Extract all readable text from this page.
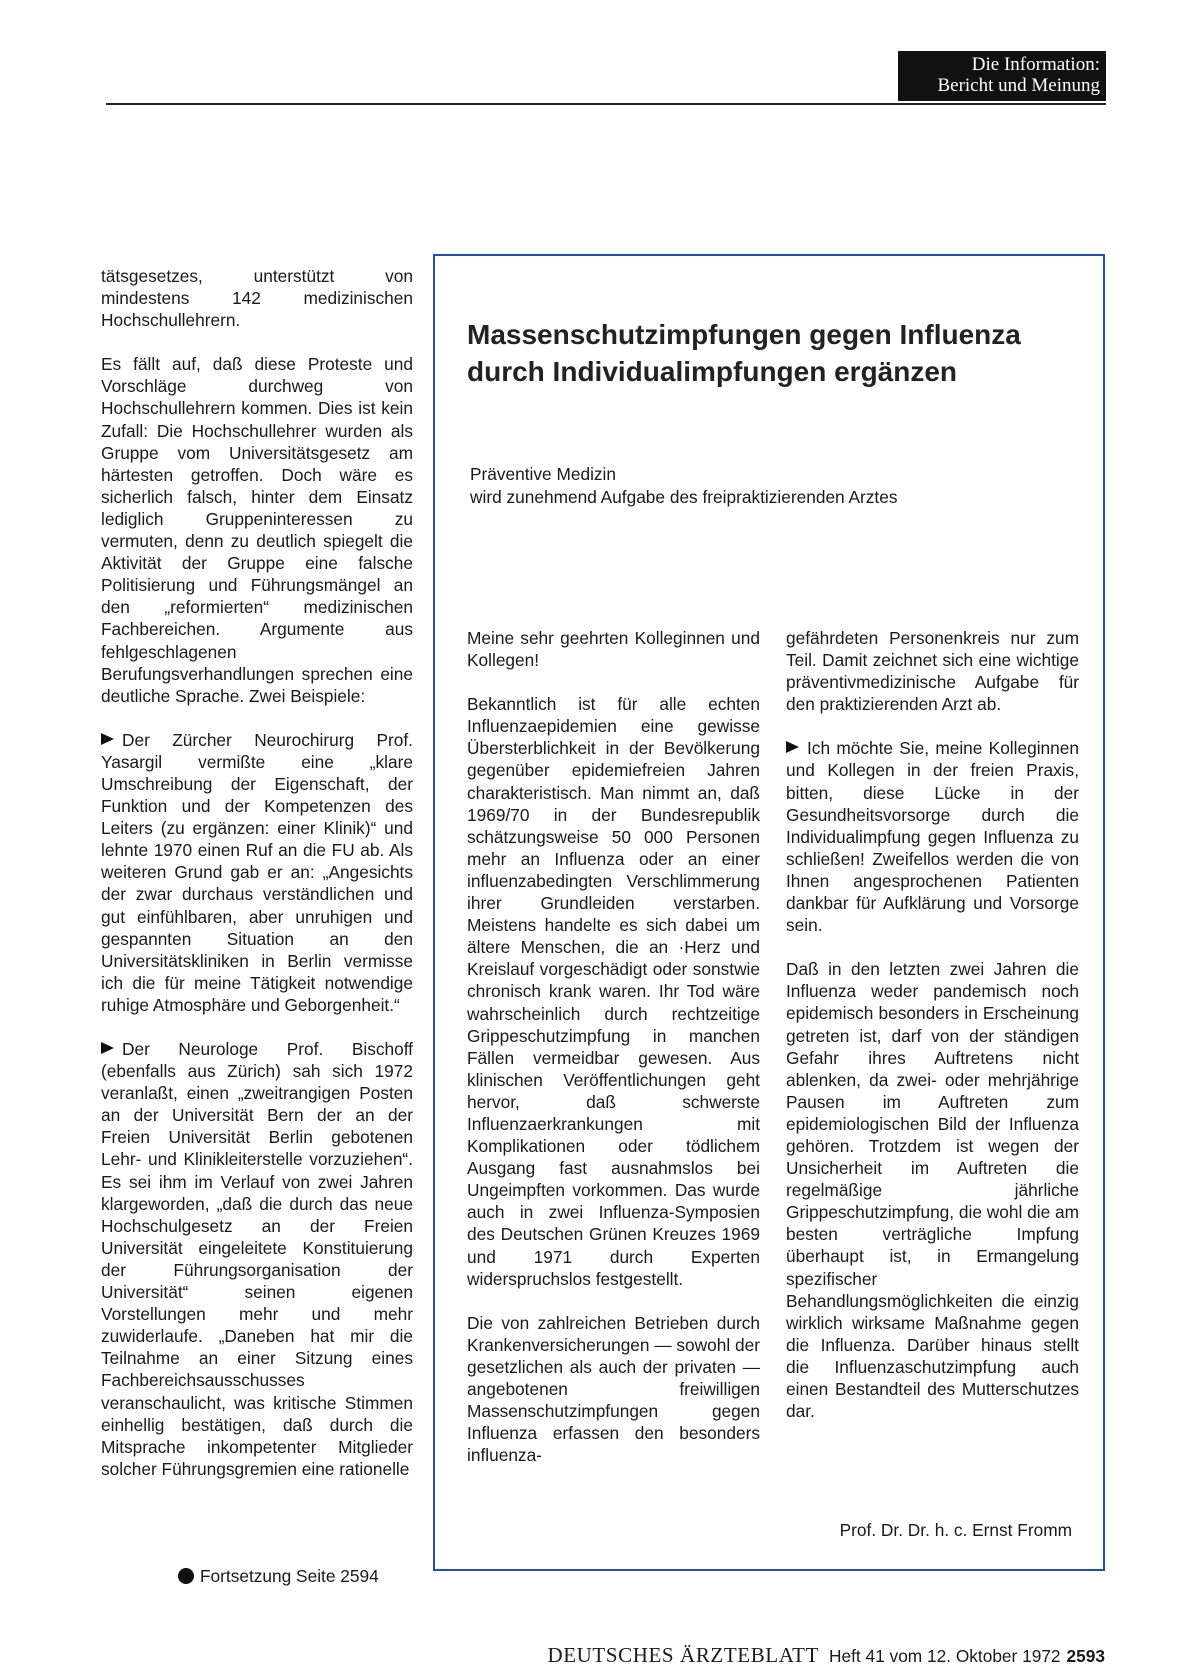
Die Information:
Bericht und Meinung

tätsgesetzes, unterstützt von mindestens 142 medizinischen Hochschullehrern.

Es fällt auf, daß diese Proteste und Vorschläge durchweg von Hochschullehrern kommen. Dies ist kein Zufall: Die Hochschullehrer wurden als Gruppe vom Universitätsgesetz am härtesten getroffen. Doch wäre es sicherlich falsch, hinter dem Einsatz lediglich Gruppeninteressen zu vermuten, denn zu deutlich spiegelt die Aktivität der Gruppe eine falsche Politisierung und Führungsmängel an den „reformierten“ medizinischen Fachbereichen. Argumente aus fehlgeschlagenen Berufungsverhandlungen sprechen eine deutliche Sprache. Zwei Beispiele:

Der Zürcher Neurochirurg Prof. Yasargil vermißte eine „klare Umschreibung der Eigenschaft, der Funktion und der Kompetenzen des Leiters (zu ergänzen: einer Klinik)“ und lehnte 1970 einen Ruf an die FU ab. Als weiteren Grund gab er an: „Angesichts der zwar durchaus verständlichen und gut einfühlbaren, aber unruhigen und gespannten Situation an den Universitätskliniken in Berlin vermisse ich die für meine Tätigkeit notwendige ruhige Atmosphäre und Geborgenheit.“

Der Neurologe Prof. Bischoff (ebenfalls aus Zürich) sah sich 1972 veranlaßt, einen „zweitrangigen Posten an der Universität Bern der an der Freien Universität Berlin gebotenen Lehr- und Klinikleiterstelle vorzuziehen“. Es sei ihm im Verlauf von zwei Jahren klargeworden, „daß die durch das neue Hochschulgesetz an der Freien Universität eingeleitete Konstituierung der Führungsorganisation der Universität“ seinen eigenen Vorstellungen mehr und mehr zuwiderlaufe. „Daneben hat mir die Teilnahme an einer Sitzung eines Fachbereichsausschusses veranschaulicht, was kritische Stimmen einhellig bestätigen, daß durch die Mitsprache inkompetenter Mitglieder solcher Führungsgremien eine rationelle

Fortsetzung Seite 2594
Massenschutzimpfungen gegen Influenza
durch Individualimpfungen ergänzen
Präventive Medizin
wird zunehmend Aufgabe des freipraktizierenden Arztes

Meine sehr geehrten Kolleginnen und Kollegen!

Bekanntlich ist für alle echten Influenzaepidemien eine gewisse Übersterblichkeit in der Bevölkerung gegenüber epidemiefreien Jahren charakteristisch. Man nimmt an, daß 1969/70 in der Bundesrepublik schätzungsweise 50 000 Personen mehr an Influenza oder an einer influenzabedingten Verschlimmerung ihrer Grundleiden verstarben. Meistens handelte es sich dabei um ältere Menschen, die an ·Herz und Kreislauf vorgeschädigt oder sonstwie chronisch krank waren. Ihr Tod wäre wahrscheinlich durch rechtzeitige Grippeschutzimpfung in manchen Fällen vermeidbar gewesen. Aus klinischen Veröffentlichungen geht hervor, daß schwerste Influenzaerkrankungen mit Komplikationen oder tödlichem Ausgang fast ausnahmslos bei Ungeimpften vorkommen. Das wurde auch in zwei Influenza-Symposien des Deutschen Grünen Kreuzes 1969 und 1971 durch Experten widerspruchslos festgestellt.

Die von zahlreichen Betrieben durch Krankenversicherungen — sowohl der gesetzlichen als auch der privaten — angebotenen freiwilligen Massenschutzimpfungen gegen Influenza erfassen den besonders influenza-

gefährdeten Personenkreis nur zum Teil. Damit zeichnet sich eine wichtige präventivmedizinische Aufgabe für den praktizierenden Arzt ab.

Ich möchte Sie, meine Kolleginnen und Kollegen in der freien Praxis, bitten, diese Lücke in der Gesundheitsvorsorge durch die Individualimpfung gegen Influenza zu schließen! Zweifellos werden die von Ihnen angesprochenen Patienten dankbar für Aufklärung und Vorsorge sein.

Daß in den letzten zwei Jahren die Influenza weder pandemisch noch epidemisch besonders in Erscheinung getreten ist, darf von der ständigen Gefahr ihres Auftretens nicht ablenken, da zwei- oder mehrjährige Pausen im Auftreten zum epidemiologischen Bild der Influenza gehören. Trotzdem ist wegen der Unsicherheit im Auftreten die regelmäßige jährliche Grippeschutzimpfung, die wohl die am besten verträgliche Impfung überhaupt ist, in Ermangelung spezifischer Behandlungsmöglichkeiten die einzig wirklich wirksame Maßnahme gegen die Influenza. Darüber hinaus stellt die Influenzaschutzimpfung auch einen Bestandteil des Mutterschutzes dar.

Prof. Dr. Dr. h. c. Ernst Fromm
DEUTSCHES ÄRZTEBLATT Heft 41 vom 12. Oktober 1972 2593
